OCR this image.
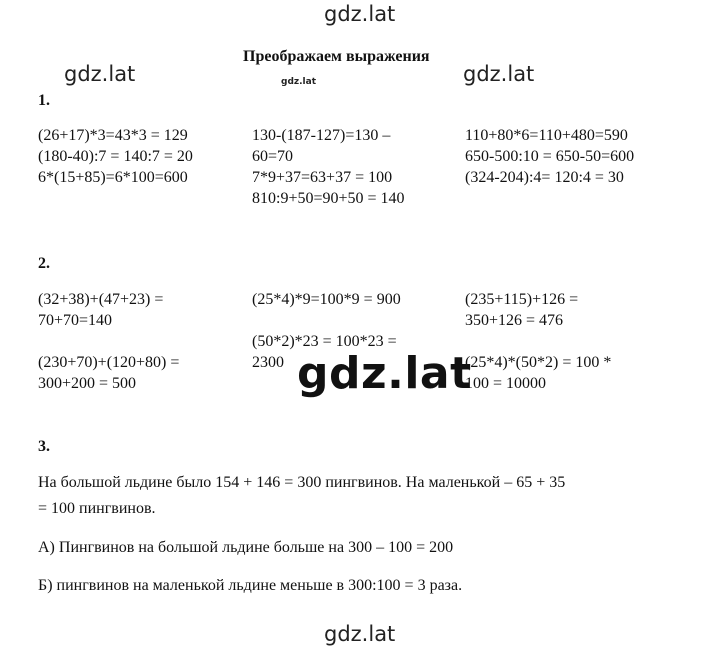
gdz.lat
gdz.lat	gdz.lat
gdz.lat
gdz.lat
gdz.lat
Преображаем выражения
1.
(26+17)*3=43*3 = 129
(180-40):7 = 140:7 = 20
6*(15+85)=6*100=600
130-(187-127)=130 –
60=70
7*9+37=63+37 = 100
810:9+50=90+50 = 140
110+80*6=110+480=590
650-500:10 = 650-50=600
(324-204):4= 120:4 = 30
2.
(32+38)+(47+23) =
70+70=140
(230+70)+(120+80) =
300+200 = 500
(25*4)*9=100*9 = 900
(50*2)*23 = 100*23 =
2300
(235+115)+126 =
350+126 = 476
(25*4)*(50*2) = 100 *
100 = 10000
3.
На большой льдине было 154 + 146 = 300 пингвинов. На маленькой – 65 + 35
= 100 пингвинов.
А) Пингвинов на большой льдине больше на 300 – 100 = 200
Б) пингвинов на маленькой льдине меньше в 300:100 = 3 раза.
